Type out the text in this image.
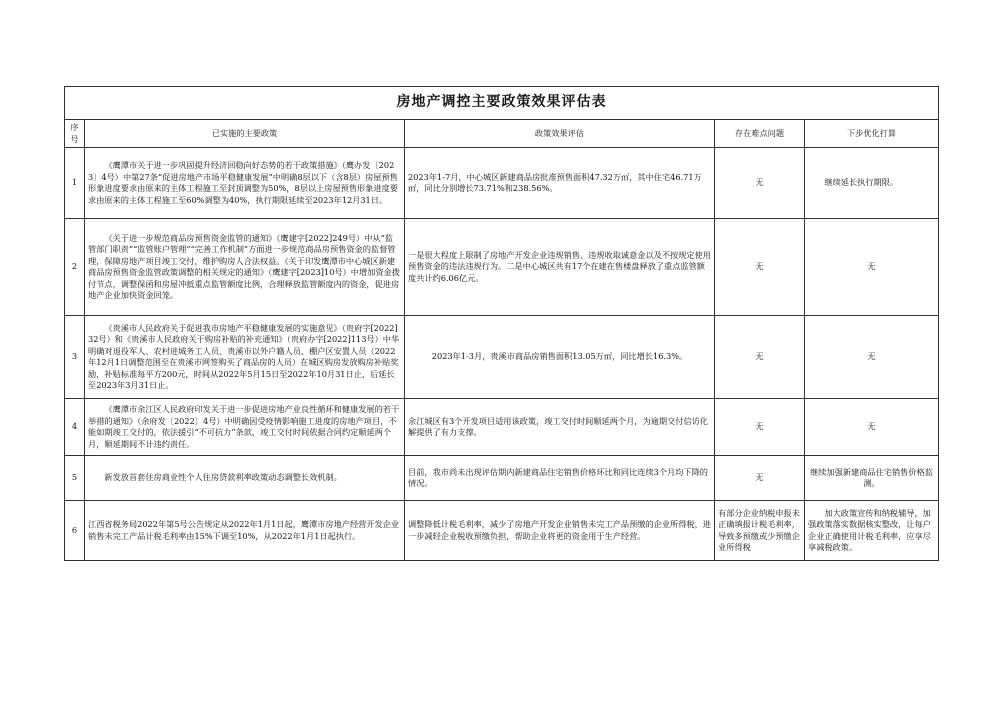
房地产调控主要政策效果评估表				
序号	已实施的主要政策	政策效果评估	存在难点问题	下步优化打算
1	《鹰潭市关于进一步巩固提升经济回稳向好态势的若干政策措施》（鹰办发〔2023〕4号）中第27条“促进房地产市场平稳健康发展”中明确8层以下（含8层）房屋预售形象进度要求由原来的主体工程施工至封顶调整为50%，8层以上房屋预售形象进度要求由原来的主体工程施工至60%调整为40%，执行期限延续至2023年12月31日。	2023年1-7月，中心城区新建商品房批准预售面积47.32万㎡，其中住宅46.71万㎡，同比分别增长73.71%和238.56%。	无	继续延长执行期限。
2	《关于进一步规范商品房预售资金监管的通知》（鹰建字[2022]249号）中从“监管部门职责”“监管账户管理”“完善工作机制”方面进一步规范商品房预售资金的监督管理，保障房地产项目竣工交付，维护购房人合法权益。《关于印发鹰潭市中心城区新建商品房预售资金监管政策调整的相关规定的通知》（鹰建字[2023]10号）中增加资金拨付节点，调整保函和房屋冲抵重点监管额度比例，合理释放监管额度内的资金，促进房地产企业加快资金回笼。	一是很大程度上限制了房地产开发企业违规销售、违规收取诚意金以及不按规定使用预售资金的违法违规行为。二是中心城区共有17个在建在售楼盘释放了重点监管额度共计约6.06亿元。	无	无
3	《贵溪市人民政府关于促进我市房地产平稳健康发展的实施意见》（贵府字[2022]32号）和《贵溪市人民政府关于购房补贴的补充通知》（贵府办字[2022]113号）中华明确对退役军人、农村进城务工人员、贵溪市以外户籍人员、棚户区安置人员（2022年12月1日调整范围至在贵溪市网签购买了商品房的人员）在城区购房发放购房补贴奖励，补贴标准每平方200元，时间从2022年5月15日至2022年10月31日止，后延长至2023年3月31日止。	2023年1-3月，贵溪市商品房销售面积13.05万㎡，同比增长16.3%。	无	无
4	《鹰潭市余江区人民政府印发关于进一步促进房地产业良性循环和健康发展的若干举措的通知》（余府发〔2022〕4号）中明确因受疫情影响施工进度的房地产项目，不能如期竣工交付的，依法援引“不可抗力”条款，竣工交付时间依据合同约定顺延两个月，顺延期间不计违约责任。	余江城区有3个开发项目适用该政策，竣工交付时间顺延两个月，为逾期交付信访化解提供了有力支撑。	无	无
5	新发放首套住房商业性个人住房贷款利率政策动态调整长效机制。	目前，我市尚未出现评估期内新建商品住宅销售价格环比和同比连续3个月均下降的情况。	无	继续加强新建商品住宅销售价格监测。
6	江西省税务局2022年第5号公告规定从2022年1月1日起，鹰潭市房地产经营开发企业销售未完工产品计税毛利率由15%下调至10%，从2022年1月1日起执行。	调整降低计税毛利率，减少了房地产开发企业销售未完工产品预缴的企业所得税，进一步减轻企业税收预缴负担，帮助企业将更的资金用于生产经营。	有部分企业纳税申报未正确填报计税毛利率，导致多预缴或少预缴企业所得税	加大政策宣传和纳税辅导，加强政策落实数据核实整改，让每户企业正确使用计税毛利率，应享尽享减税政策。
